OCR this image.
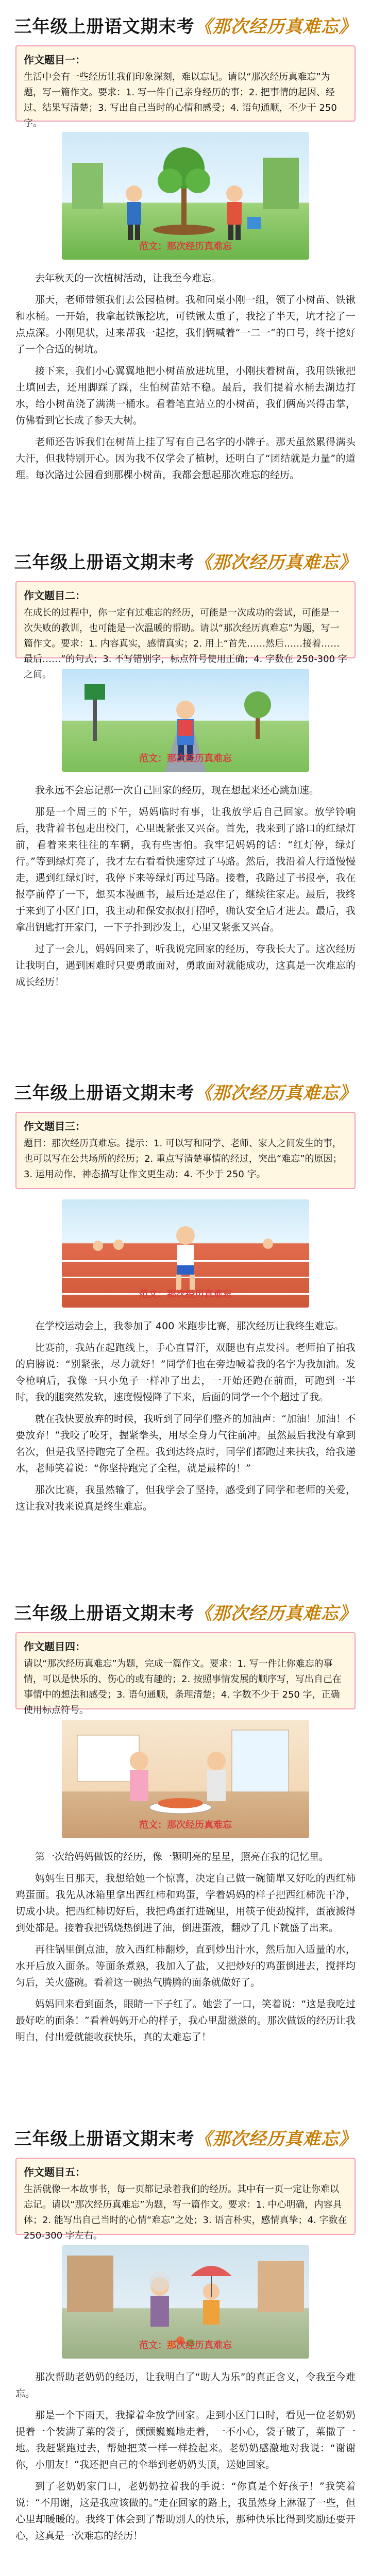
三年级上册语文期末考《那次经历真难忘》
作文题目一：
生活中会有一些经历让我们印象深刻，难以忘记。请以“那次经历真难忘”为题，写一篇作文。要求：1. 写一件自己亲身经历的事；2. 把事情的起因、经过、结果写清楚；3. 写出自己当时的心情和感受；4. 语句通顺，不少于 250 字。
范文：那次经历真难忘

去年秋天的一次植树活动，让我至今难忘。

那天，老师带领我们去公园植树。我和同桌小刚一组，领了小树苗、铁锹和水桶。一开始，我拿起铁锹挖坑，可铁锹太重了，我挖了半天，坑才挖了一点点深。小刚见状，过来帮我一起挖，我们俩喊着“一二一”的口号，终于挖好了一个合适的树坑。

接下来，我们小心翼翼地把小树苗放进坑里，小刚扶着树苗，我用铁锹把土填回去，还用脚踩了踩，生怕树苗站不稳。最后，我们提着水桶去湖边打水，给小树苗浇了满满一桶水。看着笔直站立的小树苗，我们俩高兴得击掌，仿佛看到它长成了参天大树。

老师还告诉我们在树苗上挂了写有自己名字的小牌子。那天虽然累得满头大汗，但我特别开心。因为我不仅学会了植树，还明白了“团结就是力量”的道理。每次路过公园看到那棵小树苗，我都会想起那次难忘的经历。

三年级上册语文期末考《那次经历真难忘》
作文题目二：
在成长的过程中，你一定有过难忘的经历，可能是一次成功的尝试，可能是一次失败的教训，也可能是一次温暖的帮助。请以“那次经历真难忘”为题，写一篇作文。要求：1. 内容真实，感情真实；2. 用上“首先……然后……接着……最后……”的句式；3. 不写错别字，标点符号使用正确；4. 字数在 250-300 字之间。
范文：那次经历真难忘

我永远不会忘记那一次自己回家的经历，现在想起来还心跳加速。

那是一个周三的下午，妈妈临时有事，让我放学后自己回家。放学铃响后，我背着书包走出校门，心里既紧张又兴奋。首先，我来到了路口的红绿灯前，看着来来往往的车辆，我有些害怕。我牢记妈妈的话：“红灯停，绿灯行。”等到绿灯亮了，我才左右看看快速穿过了马路。然后，我沿着人行道慢慢走，遇到红绿灯时，我停下来等绿灯再过马路。接着，我路过了书报亭，我在报亭前停了一下，想买本漫画书，最后还是忍住了，继续往家走。最后，我终于来到了小区门口，我主动和保安叔叔打招呼，确认安全后才进去。最后，我拿出钥匙打开家门，一下子扑到沙发上，心里又紧张又兴奋。

过了一会儿，妈妈回来了，听我说完回家的经历，夸我长大了。这次经历让我明白，遇到困难时只要勇敢面对，勇敢面对就能成功，这真是一次难忘的成长经历！

三年级上册语文期末考《那次经历真难忘》
作文题目三：
题目：那次经历真难忘。提示：1. 可以写和同学、老师、家人之间发生的事，也可以写在公共场所的经历；2. 重点写清楚事情的经过，突出“难忘”的原因；3. 运用动作、神态描写让作文更生动；4. 不少于 250 字。
范文：那次经历真难忘

在学校运动会上，我参加了 400 米跑步比赛，那次经历让我终生难忘。

比赛前，我站在起跑线上，手心直冒汗，双腿也有点发抖。老师拍了拍我的肩膀说：“别紧张，尽力就好！”同学们也在旁边喊着我的名字为我加油。发令枪响后，我像一只小兔子一样冲了出去，一开始还跑在前面，可跑到一半时，我的腿突然发软，速度慢慢降了下来，后面的同学一个个超过了我。

就在我快要放弃的时候，我听到了同学们整齐的加油声：“加油！加油！不要放弃！”我咬了咬牙，握紧拳头，用尽全身力气往前冲。虽然最后我没有拿到名次，但是我坚持跑完了全程。我到达终点时，同学们都跑过来扶我，给我递水，老师笑着说：“你坚持跑完了全程，就是最棒的！”

那次比赛，我虽然输了，但我学会了坚持，感受到了同学和老师的关爱，这让我对我来说真是终生难忘。

三年级上册语文期末考《那次经历真难忘》
作文题目四：
请以“那次经历真难忘”为题，完成一篇作文。要求：1. 写一件让你难忘的事情，可以是快乐的、伤心的或有趣的；2. 按照事情发展的顺序写，写出自己在事情中的想法和感受；3. 语句通顺，条理清楚；4. 字数不少于 250 字，正确使用标点符号。
范文：那次经历真难忘

第一次给妈妈做饭的经历，像一颗明亮的星星，照亮在我的记忆里。

妈妈生日那天，我想给她一个惊喜，决定自己做一碗簡單又好吃的西红柿鸡蛋面。我先从冰箱里拿出西红柿和鸡蛋，学着妈妈的样子把西红柿洗干净，切成小块。把西红柿切好后，我把鸡蛋打进碗里，用筷子使劲搅拌，蛋液溅得到处都是。接着我把锅烧热倒进了油，倒进蛋液，翻炒了几下就盛了出来。

再往锅里倒点油，放入西红柿翻炒，直到炒出汁水，然后加入适量的水，水开后放入面条。等面条煮熟，我加入了盐，又把炒好的鸡蛋倒进去，搅拌均匀后，关火盛碗。看着这一碗热气腾腾的面条就做好了。

妈妈回来看到面条，眼睛一下子红了。她尝了一口，笑着说：“这是我吃过最好吃的面条！”看着妈妈开心的样子，我心里甜滋滋的。那次做饭的经历让我明白，付出爱就能收获快乐，真的太难忘了！

三年级上册语文期末考《那次经历真难忘》
作文题目五：
生活就像一本故事书，每一页都记录着我们的经历。其中有一页一定让你难以忘记。请以“那次经历真难忘”为题，写一篇作文。要求：1. 中心明确，内容具体；2. 能写出自己当时的心情“难忘”之处；3. 语言朴实，感情真挚；4. 字数在 250-300 字左右。
范文：那次经历真难忘

那次帮助老奶奶的经历，让我明白了“助人为乐”的真正含义，令我至今难忘。

那是一个下雨天，我撑着伞放学回家。走到小区门口时，看见一位老奶奶提着一个装满了菜的袋子，颤颤巍巍地走着，一不小心，袋子破了，菜撒了一地。我赶紧跑过去，帮她把菜一样一样捡起来。老奶奶感激地对我说：“谢谢你，小朋友！”我还把自己的伞举到老奶奶头顶，送她回家。

到了老奶奶家门口，老奶奶拉着我的手说：“你真是个好孩子！”我笑着说：“不用谢，这是我应该做的。”走在回家的路上，我虽然身上淋湿了一些，但心里却暖暖的。我终于体会到了帮助别人的快乐，那种快乐比得到奖励还要开心，这真是一次难忘的经历！
